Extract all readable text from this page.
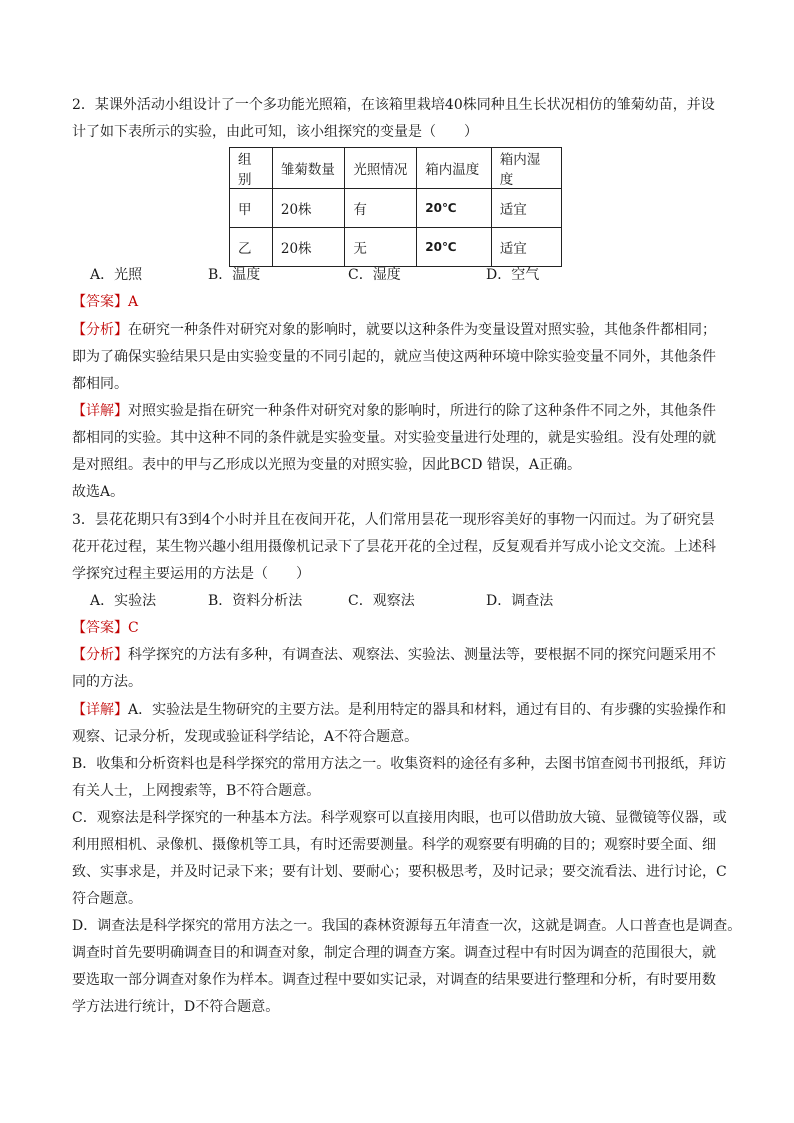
2．某课外活动小组设计了一个多功能光照箱，在该箱里栽培40株同种且生长状况相仿的雏菊幼苗，并设
计了如下表所示的实验，由此可知，该小组探究的变量是（　　）
组别	雏菊数量	光照情况	箱内温度	箱内湿度
甲	20株	有	20℃	适宜
乙	20株	无	20℃	适宜
A．光照	B．温度	C．湿度	D．空气
【答案】A
【分析】在研究一种条件对研究对象的影响时，就要以这种条件为变量设置对照实验，其他条件都相同；
即为了确保实验结果只是由实验变量的不同引起的，就应当使这两种环境中除实验变量不同外，其他条件
都相同。
【详解】对照实验是指在研究一种条件对研究对象的影响时，所进行的除了这种条件不同之外，其他条件
都相同的实验。其中这种不同的条件就是实验变量。对实验变量进行处理的，就是实验组。没有处理的就
是对照组。表中的甲与乙形成以光照为变量的对照实验，因此BCD 错误，A正确。
故选A。
3．昙花花期只有3到4个小时并且在夜间开花，人们常用昙花一现形容美好的事物一闪而过。为了研究昙
花开花过程，某生物兴趣小组用摄像机记录下了昙花开花的全过程，反复观看并写成小论文交流。上述科
学探究过程主要运用的方法是（　　）
A．实验法	B．资料分析法	C．观察法	D．调查法
【答案】C
【分析】科学探究的方法有多种，有调查法、观察法、实验法、测量法等，要根据不同的探究问题采用不
同的方法。
【详解】A．实验法是生物研究的主要方法。是利用特定的器具和材料，通过有目的、有步骤的实验操作和
观察、记录分析，发现或验证科学结论，A不符合题意。
B．收集和分析资料也是科学探究的常用方法之一。收集资料的途径有多种，去图书馆查阅书刊报纸，拜访
有关人士，上网搜索等，B不符合题意。
C．观察法是科学探究的一种基本方法。科学观察可以直接用肉眼，也可以借助放大镜、显微镜等仪器，或
利用照相机、录像机、摄像机等工具，有时还需要测量。科学的观察要有明确的目的；观察时要全面、细
致、实事求是，并及时记录下来；要有计划、要耐心；要积极思考，及时记录；要交流看法、进行讨论，C
符合题意。
D．调查法是科学探究的常用方法之一。我国的森林资源每五年清查一次，这就是调查。人口普查也是调查。
调查时首先要明确调查目的和调查对象，制定合理的调查方案。调查过程中有时因为调查的范围很大，就
要选取一部分调查对象作为样本。调查过程中要如实记录，对调查的结果要进行整理和分析，有时要用数
学方法进行统计，D不符合题意。
